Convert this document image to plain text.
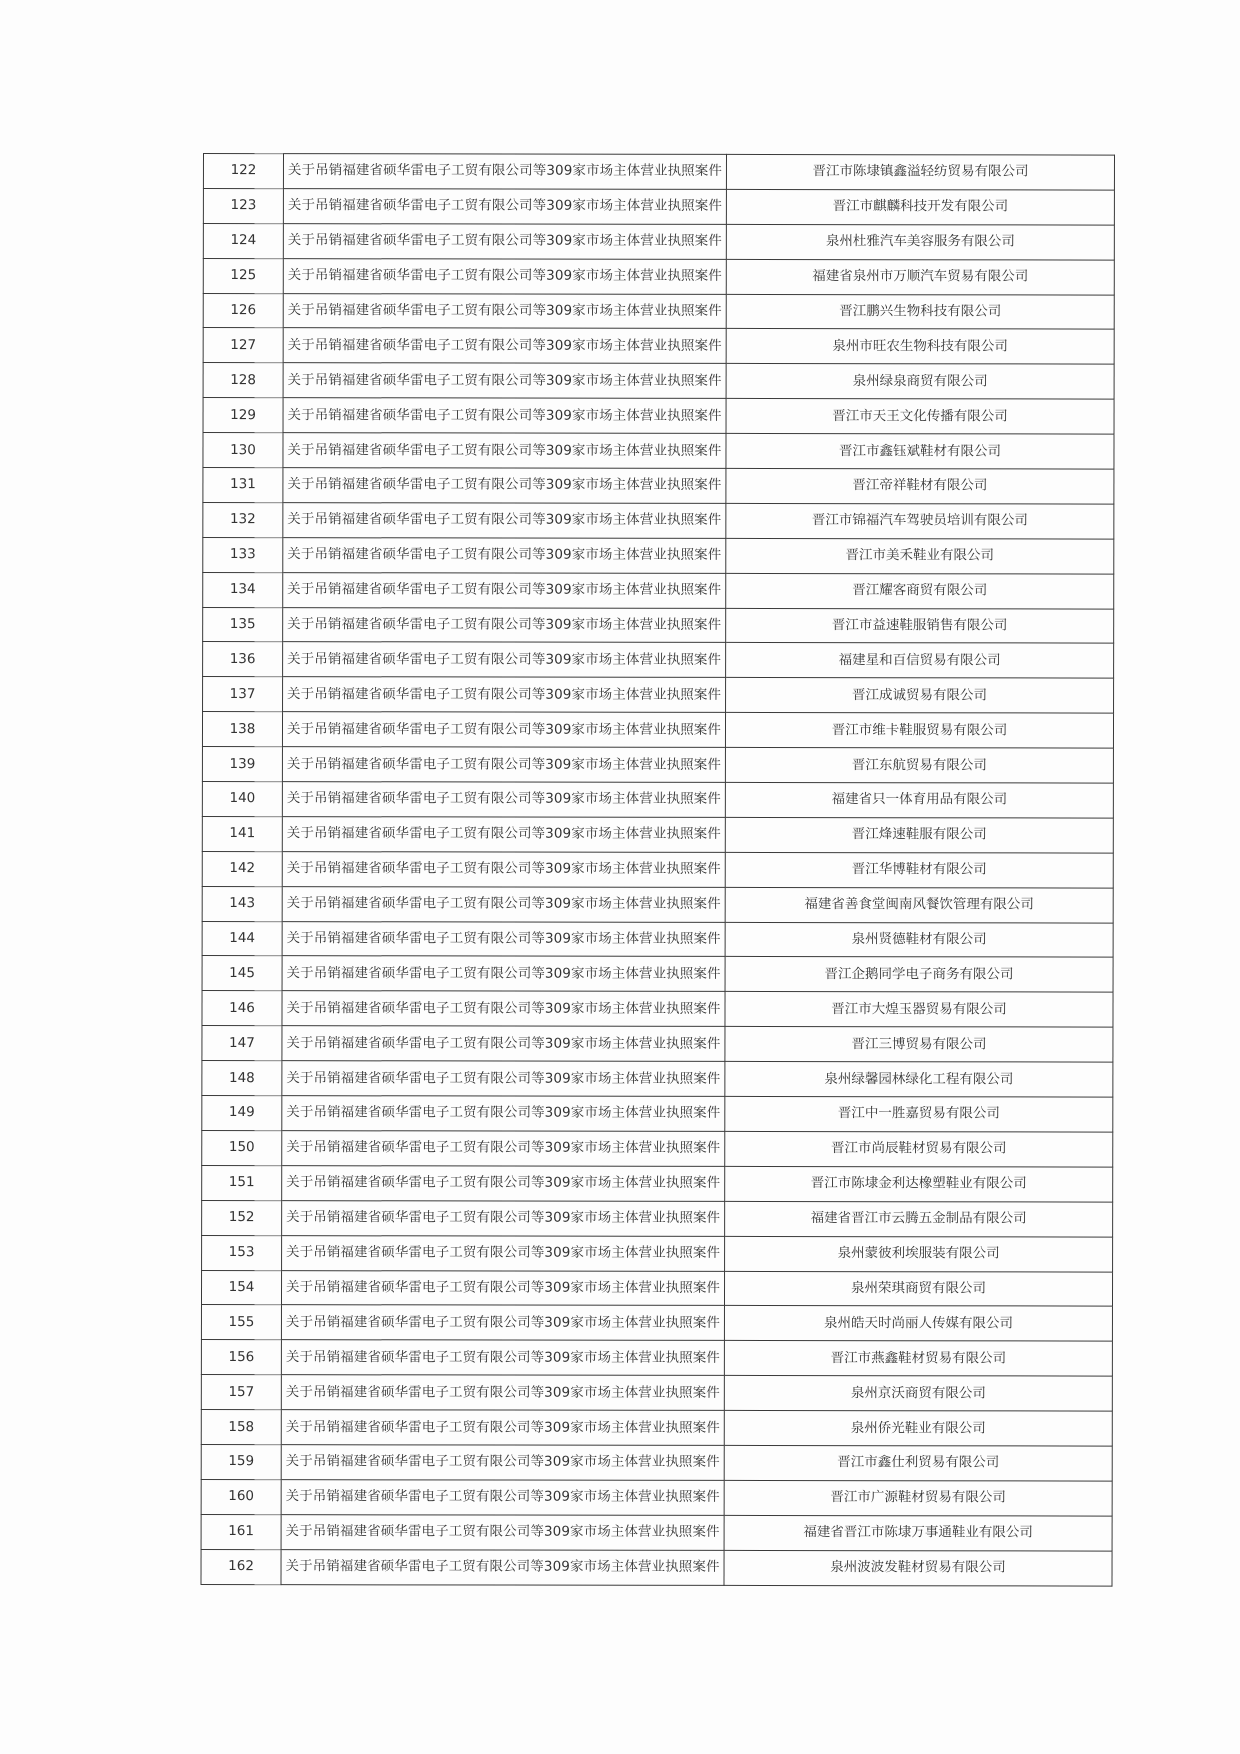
122	关于吊销福建省硕华雷电子工贸有限公司等309家市场主体营业执照案件	晋江市陈埭镇鑫溢轻纺贸易有限公司
123	关于吊销福建省硕华雷电子工贸有限公司等309家市场主体营业执照案件	晋江市麒麟科技开发有限公司
124	关于吊销福建省硕华雷电子工贸有限公司等309家市场主体营业执照案件	泉州杜雅汽车美容服务有限公司
125	关于吊销福建省硕华雷电子工贸有限公司等309家市场主体营业执照案件	福建省泉州市万顺汽车贸易有限公司
126	关于吊销福建省硕华雷电子工贸有限公司等309家市场主体营业执照案件	晋江鹏兴生物科技有限公司
127	关于吊销福建省硕华雷电子工贸有限公司等309家市场主体营业执照案件	泉州市旺农生物科技有限公司
128	关于吊销福建省硕华雷电子工贸有限公司等309家市场主体营业执照案件	泉州绿泉商贸有限公司
129	关于吊销福建省硕华雷电子工贸有限公司等309家市场主体营业执照案件	晋江市天王文化传播有限公司
130	关于吊销福建省硕华雷电子工贸有限公司等309家市场主体营业执照案件	晋江市鑫钰斌鞋材有限公司
131	关于吊销福建省硕华雷电子工贸有限公司等309家市场主体营业执照案件	晋江帝祥鞋材有限公司
132	关于吊销福建省硕华雷电子工贸有限公司等309家市场主体营业执照案件	晋江市锦福汽车驾驶员培训有限公司
133	关于吊销福建省硕华雷电子工贸有限公司等309家市场主体营业执照案件	晋江市美禾鞋业有限公司
134	关于吊销福建省硕华雷电子工贸有限公司等309家市场主体营业执照案件	晋江耀客商贸有限公司
135	关于吊销福建省硕华雷电子工贸有限公司等309家市场主体营业执照案件	晋江市益速鞋服销售有限公司
136	关于吊销福建省硕华雷电子工贸有限公司等309家市场主体营业执照案件	福建星和百信贸易有限公司
137	关于吊销福建省硕华雷电子工贸有限公司等309家市场主体营业执照案件	晋江成诚贸易有限公司
138	关于吊销福建省硕华雷电子工贸有限公司等309家市场主体营业执照案件	晋江市维卡鞋服贸易有限公司
139	关于吊销福建省硕华雷电子工贸有限公司等309家市场主体营业执照案件	晋江东航贸易有限公司
140	关于吊销福建省硕华雷电子工贸有限公司等309家市场主体营业执照案件	福建省只一体育用品有限公司
141	关于吊销福建省硕华雷电子工贸有限公司等309家市场主体营业执照案件	晋江烽速鞋服有限公司
142	关于吊销福建省硕华雷电子工贸有限公司等309家市场主体营业执照案件	晋江华博鞋材有限公司
143	关于吊销福建省硕华雷电子工贸有限公司等309家市场主体营业执照案件	福建省善食堂闽南风餐饮管理有限公司
144	关于吊销福建省硕华雷电子工贸有限公司等309家市场主体营业执照案件	泉州贤德鞋材有限公司
145	关于吊销福建省硕华雷电子工贸有限公司等309家市场主体营业执照案件	晋江企鹅同学电子商务有限公司
146	关于吊销福建省硕华雷电子工贸有限公司等309家市场主体营业执照案件	晋江市大煌玉器贸易有限公司
147	关于吊销福建省硕华雷电子工贸有限公司等309家市场主体营业执照案件	晋江三博贸易有限公司
148	关于吊销福建省硕华雷电子工贸有限公司等309家市场主体营业执照案件	泉州绿馨园林绿化工程有限公司
149	关于吊销福建省硕华雷电子工贸有限公司等309家市场主体营业执照案件	晋江中一胜嘉贸易有限公司
150	关于吊销福建省硕华雷电子工贸有限公司等309家市场主体营业执照案件	晋江市尚辰鞋材贸易有限公司
151	关于吊销福建省硕华雷电子工贸有限公司等309家市场主体营业执照案件	晋江市陈埭金利达橡塑鞋业有限公司
152	关于吊销福建省硕华雷电子工贸有限公司等309家市场主体营业执照案件	福建省晋江市云腾五金制品有限公司
153	关于吊销福建省硕华雷电子工贸有限公司等309家市场主体营业执照案件	泉州蒙彼利埃服装有限公司
154	关于吊销福建省硕华雷电子工贸有限公司等309家市场主体营业执照案件	泉州荣琪商贸有限公司
155	关于吊销福建省硕华雷电子工贸有限公司等309家市场主体营业执照案件	泉州皓天时尚丽人传媒有限公司
156	关于吊销福建省硕华雷电子工贸有限公司等309家市场主体营业执照案件	晋江市燕鑫鞋材贸易有限公司
157	关于吊销福建省硕华雷电子工贸有限公司等309家市场主体营业执照案件	泉州京沃商贸有限公司
158	关于吊销福建省硕华雷电子工贸有限公司等309家市场主体营业执照案件	泉州侨光鞋业有限公司
159	关于吊销福建省硕华雷电子工贸有限公司等309家市场主体营业执照案件	晋江市鑫仕利贸易有限公司
160	关于吊销福建省硕华雷电子工贸有限公司等309家市场主体营业执照案件	晋江市广源鞋材贸易有限公司
161	关于吊销福建省硕华雷电子工贸有限公司等309家市场主体营业执照案件	福建省晋江市陈埭万事通鞋业有限公司
162	关于吊销福建省硕华雷电子工贸有限公司等309家市场主体营业执照案件	泉州波波发鞋材贸易有限公司
